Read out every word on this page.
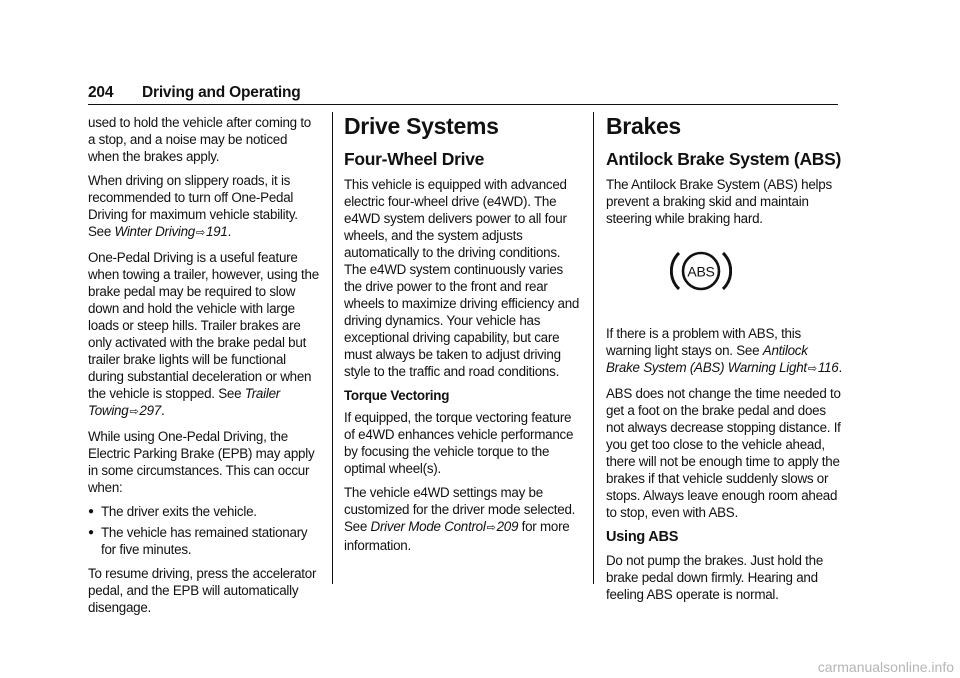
204 Driving and Operating

used to hold the vehicle after coming to a stop, and a noise may be noticed when the brakes apply.

When driving on slippery roads, it is recommended to turn off One-Pedal Driving for maximum vehicle stability. See Winter Driving⇨191.

One-Pedal Driving is a useful feature when towing a trailer, however, using the brake pedal may be required to slow down and hold the vehicle with large loads or steep hills. Trailer brakes are only activated with the brake pedal but trailer brake lights will be functional during substantial deceleration or when the vehicle is stopped. See Trailer Towing⇨297.

While using One-Pedal Driving, the Electric Parking Brake (EPB) may apply in some circumstances. This can occur when:

● The driver exits the vehicle.
● The vehicle has remained stationary for five minutes.

To resume driving, press the accelerator pedal, and the EPB will automatically disengage.

Drive Systems
Four-Wheel Drive

This vehicle is equipped with advanced electric four-wheel drive (e4WD). The e4WD system delivers power to all four wheels, and the system adjusts automatically to the driving conditions. The e4WD system continuously varies the drive power to the front and rear wheels to maximize driving efficiency and driving dynamics. Your vehicle has exceptional driving capability, but care must always be taken to adjust driving style to the traffic and road conditions.

Torque Vectoring

If equipped, the torque vectoring feature of e4WD enhances vehicle performance by focusing the vehicle torque to the optimal wheel(s).

The vehicle e4WD settings may be customized for the driver mode selected. See Driver Mode Control⇨209 for more information.

Brakes
Antilock Brake System (ABS)

The Antilock Brake System (ABS) helps prevent a braking skid and maintain steering while braking hard.

ABS

If there is a problem with ABS, this warning light stays on. See Antilock Brake System (ABS) Warning Light⇨116.

ABS does not change the time needed to get a foot on the brake pedal and does not always decrease stopping distance. If you get too close to the vehicle ahead, there will not be enough time to apply the brakes if that vehicle suddenly slows or stops. Always leave enough room ahead to stop, even with ABS.

Using ABS

Do not pump the brakes. Just hold the brake pedal down firmly. Hearing and feeling ABS operate is normal.

carmanualsonline.info
